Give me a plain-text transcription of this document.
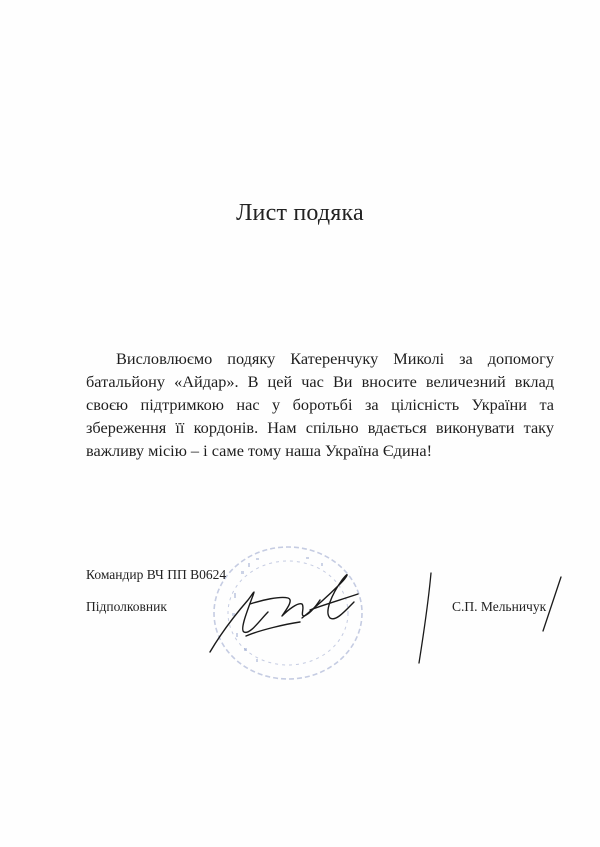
Лист подяка
Висловлюємо подяку Катеренчуку Миколі за допомогу батальйону «Айдар». В цей час Ви вносите величезний вклад своєю підтримкою нас у боротьбі за цілісність України та збереження її кордонів. Нам спільно вдається виконувати таку важливу місію – і саме тому наша Україна Єдина!
Командир ВЧ ПП В0624
Підполковник	С.П. Мельничук
